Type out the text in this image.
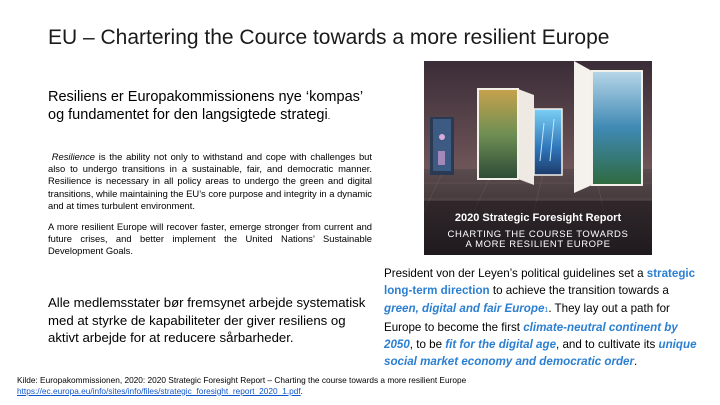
EU – Chartering the Cource towards a more resilient Europe
Resiliens er Europakommissionens nye ‘kompas’ og fundamentet for den langsigtede strategi.

Resilience is the ability not only to withstand and cope with challenges but also to undergo transitions in a sustainable, fair, and democratic manner. Resilience is necessary in all policy areas to undergo the green and digital transitions, while maintaining the EU’s core purpose and integrity in a dynamic and at times turbulent environment.

A more resilient Europe will recover faster, emerge stronger from current and future crises, and better implement the United Nations’ Sustainable Development Goals.

Alle medlemsstater bør fremsynet arbejde systematisk med at styrke de kapabiliteter der giver resiliens og aktivt arbejde for at reducere sårbarheder.
2020 Strategic Foresight Report
CHARTING THE COURSE TOWARDS
A MORE RESILIENT EUROPE
President von der Leyen’s political guidelines set a strategic long-term direction to achieve the transition towards a green, digital and fair Europe1. They lay out a path for Europe to become the first climate-neutral continent by 2050, to be fit for the digital age, and to cultivate its unique social market economy and democratic order.
Kilde: Europakommissionen, 2020: 2020 Strategic Foresight Report – Charting the course towards a more resilient Europe
https://ec.europa.eu/info/sites/info/files/strategic_foresight_report_2020_1.pdf.
